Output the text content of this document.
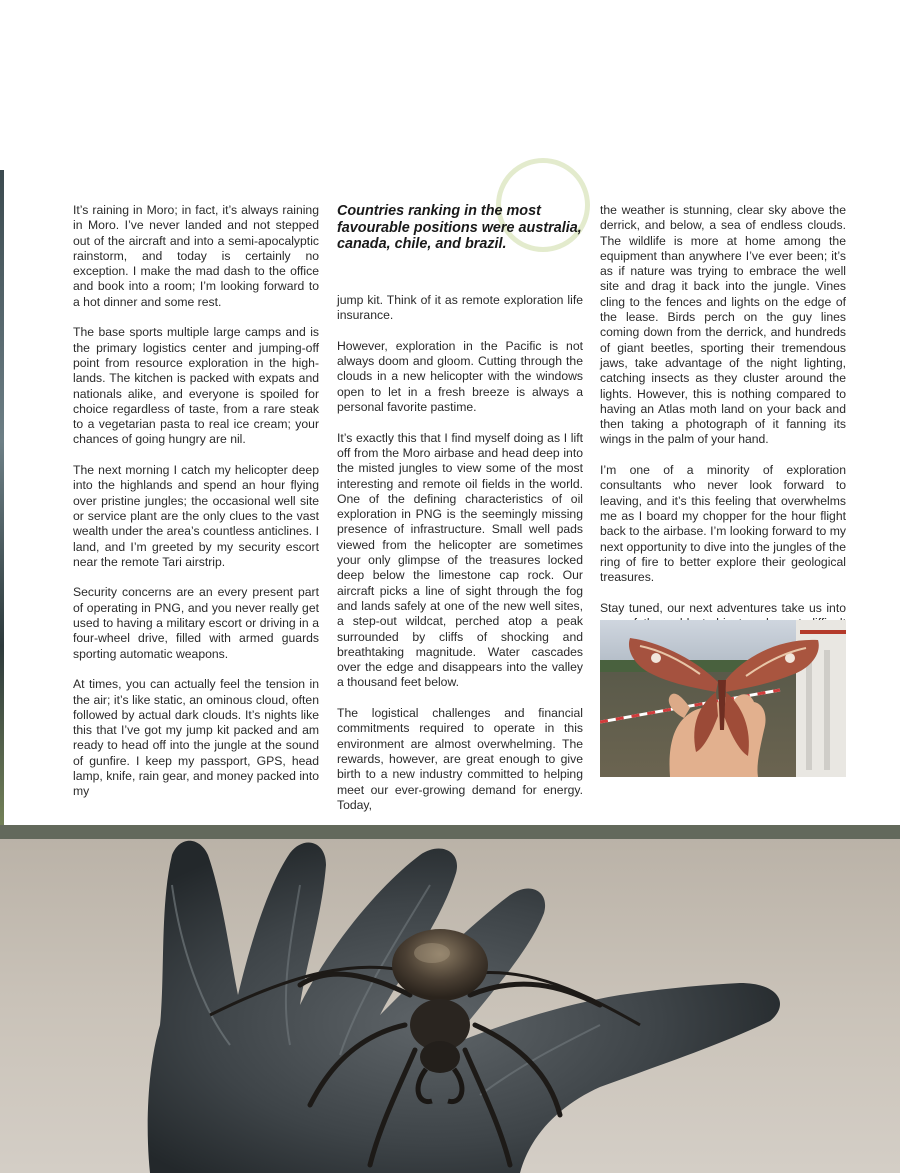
Countries ranking in the most favourable positions were australia, canada, chile, and brazil.

It’s raining in Moro; in fact, it’s always raining in Moro. I’ve never landed and not stepped out of the aircraft and into a semi-apocalyptic rainstorm, and today is certainly no exception. I make the mad dash to the office and book into a room; I’m looking forward to a hot dinner and some rest.

The base sports multiple large camps and is the primary logistics center and jumping-off point from resource exploration in the high-lands. The kitchen is packed with expats and nationals alike, and everyone is spoiled for choice regardless of taste, from a rare steak to a vegetarian pasta to real ice cream; your chances of going hungry are nil.

The next morning I catch my helicopter deep into the highlands and spend an hour flying over pristine jungles; the occasional well site or service plant are the only clues to the vast wealth under the area’s countless anticlines. I land, and I’m greeted by my security escort near the remote Tari airstrip.

Security concerns are an every present part of operating in PNG, and you never really get used to having a military escort or driving in a four-wheel drive, filled with armed guards sporting automatic weapons.

At times, you can actually feel the tension in the air; it’s like static, an ominous cloud, often followed by actual dark clouds. It’s nights like this that I’ve got my jump kit packed and am ready to head off into the jungle at the sound of gunfire. I keep my passport, GPS, head lamp, knife, rain gear, and money packed into my

jump kit. Think of it as remote exploration life insurance.

However, exploration in the Pacific is not always doom and gloom. Cutting through the clouds in a new helicopter with the windows open to let in a fresh breeze is always a personal favorite pastime.

It’s exactly this that I find myself doing as I lift off from the Moro airbase and head deep into the misted jungles to view some of the most interesting and remote oil fields in the world. One of the defining characteristics of oil exploration in PNG is the seemingly missing presence of infrastructure. Small well pads viewed from the helicopter are sometimes your only glimpse of the treasures locked deep below the limestone cap rock. Our aircraft picks a line of sight through the fog and lands safely at one of the new well sites, a step-out wildcat, perched atop a peak surrounded by cliffs of shocking and breathtaking magnitude. Water cascades over the edge and disappears into the valley a thousand feet below.

The logistical challenges and financial commitments required to operate in this environment are almost overwhelming. The rewards, however, are great enough to give birth to a new industry committed to helping meet our ever-growing demand for energy. Today,

the weather is stunning, clear sky above the derrick, and below, a sea of endless clouds. The wildlife is more at home among the equipment than anywhere I’ve ever been; it’s as if nature was trying to embrace the well site and drag it back into the jungle. Vines cling to the fences and lights on the edge of the lease. Birds perch on the guy lines coming down from the derrick, and hundreds of giant beetles, sporting their tremendous jaws, take advantage of the night lighting, catching insects as they cluster around the lights. However, this is nothing compared to having an Atlas moth land on your back and then taking a photograph of it fanning its wings in the palm of your hand.

I’m one of a minority of exploration consultants who never look forward to leaving, and it’s this feeling that overwhelms me as I board my chopper for the hour flight back to the airbase. I’m looking forward to my next opportunity to dive into the jungles of the ring of fire to better explore their geological treasures.

Stay tuned, our next adventures take us into
